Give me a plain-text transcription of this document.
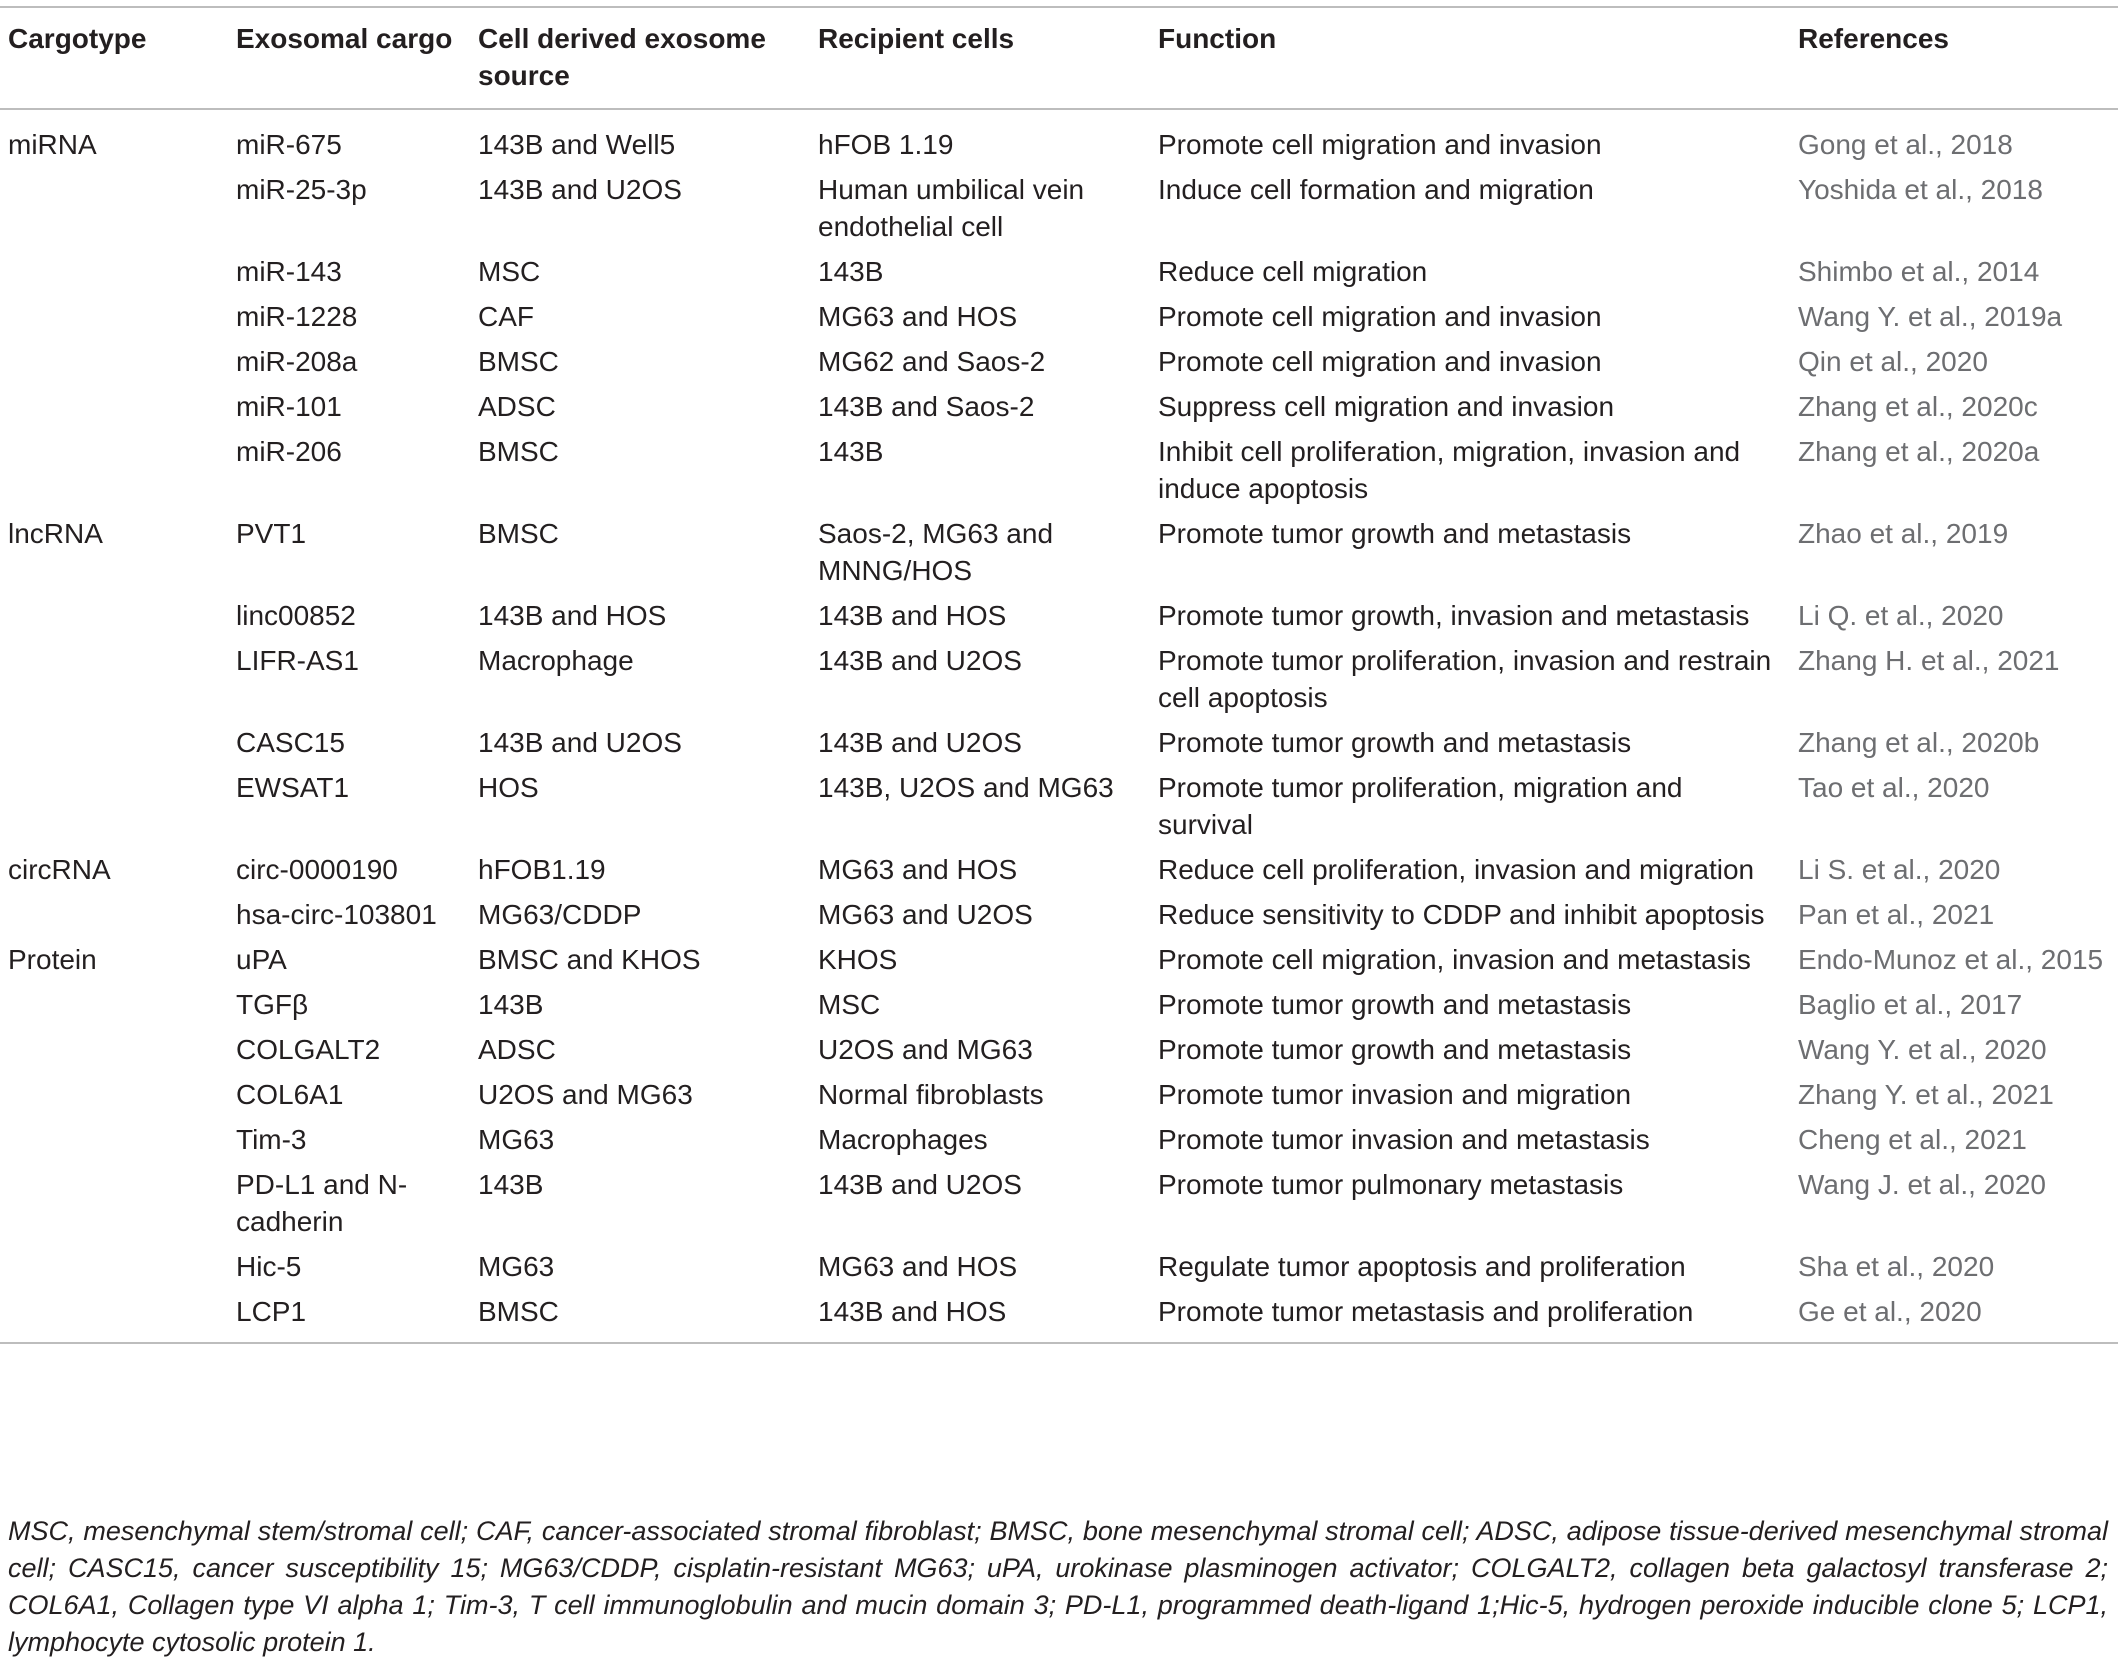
Cargotype	Exosomal cargo	Cell derived exosome source	Recipient cells	Function	References
miRNA	miR-675	143B and Well5	hFOB 1.19	Promote cell migration and invasion	Gong et al., 2018
	miR-25-3p	143B and U2OS	Human umbilical vein endothelial cell	Induce cell formation and migration	Yoshida et al., 2018
	miR-143	MSC	143B	Reduce cell migration	Shimbo et al., 2014
	miR-1228	CAF	MG63 and HOS	Promote cell migration and invasion	Wang Y. et al., 2019a
	miR-208a	BMSC	MG62 and Saos-2	Promote cell migration and invasion	Qin et al., 2020
	miR-101	ADSC	143B and Saos-2	Suppress cell migration and invasion	Zhang et al., 2020c
	miR-206	BMSC	143B	Inhibit cell proliferation, migration, invasion and induce apoptosis	Zhang et al., 2020a
lncRNA	PVT1	BMSC	Saos-2, MG63 and MNNG/HOS	Promote tumor growth and metastasis	Zhao et al., 2019
	linc00852	143B and HOS	143B and HOS	Promote tumor growth, invasion and metastasis	Li Q. et al., 2020
	LIFR-AS1	Macrophage	143B and U2OS	Promote tumor proliferation, invasion and restrain cell apoptosis	Zhang H. et al., 2021
	CASC15	143B and U2OS	143B and U2OS	Promote tumor growth and metastasis	Zhang et al., 2020b
	EWSAT1	HOS	143B, U2OS and MG63	Promote tumor proliferation, migration and survival	Tao et al., 2020
circRNA	circ-0000190	hFOB1.19	MG63 and HOS	Reduce cell proliferation, invasion and migration	Li S. et al., 2020
	hsa-circ-103801	MG63/CDDP	MG63 and U2OS	Reduce sensitivity to CDDP and inhibit apoptosis	Pan et al., 2021
Protein	uPA	BMSC and KHOS	KHOS	Promote cell migration, invasion and metastasis	Endo-Munoz et al., 2015
	TGFβ	143B	MSC	Promote tumor growth and metastasis	Baglio et al., 2017
	COLGALT2	ADSC	U2OS and MG63	Promote tumor growth and metastasis	Wang Y. et al., 2020
	COL6A1	U2OS and MG63	Normal fibroblasts	Promote tumor invasion and migration	Zhang Y. et al., 2021
	Tim-3	MG63	Macrophages	Promote tumor invasion and metastasis	Cheng et al., 2021
	PD-L1 and N-cadherin	143B	143B and U2OS	Promote tumor pulmonary metastasis	Wang J. et al., 2020
	Hic-5	MG63	MG63 and HOS	Regulate tumor apoptosis and proliferation	Sha et al., 2020
	LCP1	BMSC	143B and HOS	Promote tumor metastasis and proliferation	Ge et al., 2020

MSC, mesenchymal stem/stromal cell; CAF, cancer-associated stromal fibroblast; BMSC, bone mesenchymal stromal cell; ADSC, adipose tissue-derived mesenchymal stromal cell; CASC15, cancer susceptibility 15; MG63/CDDP, cisplatin-resistant MG63; uPA, urokinase plasminogen activator; COLGALT2, collagen beta galactosyl transferase 2; COL6A1, Collagen type VI alpha 1; Tim-3, T cell immunoglobulin and mucin domain 3; PD-L1, programmed death-ligand 1;Hic-5, hydrogen peroxide inducible clone 5; LCP1, lymphocyte cytosolic protein 1.
